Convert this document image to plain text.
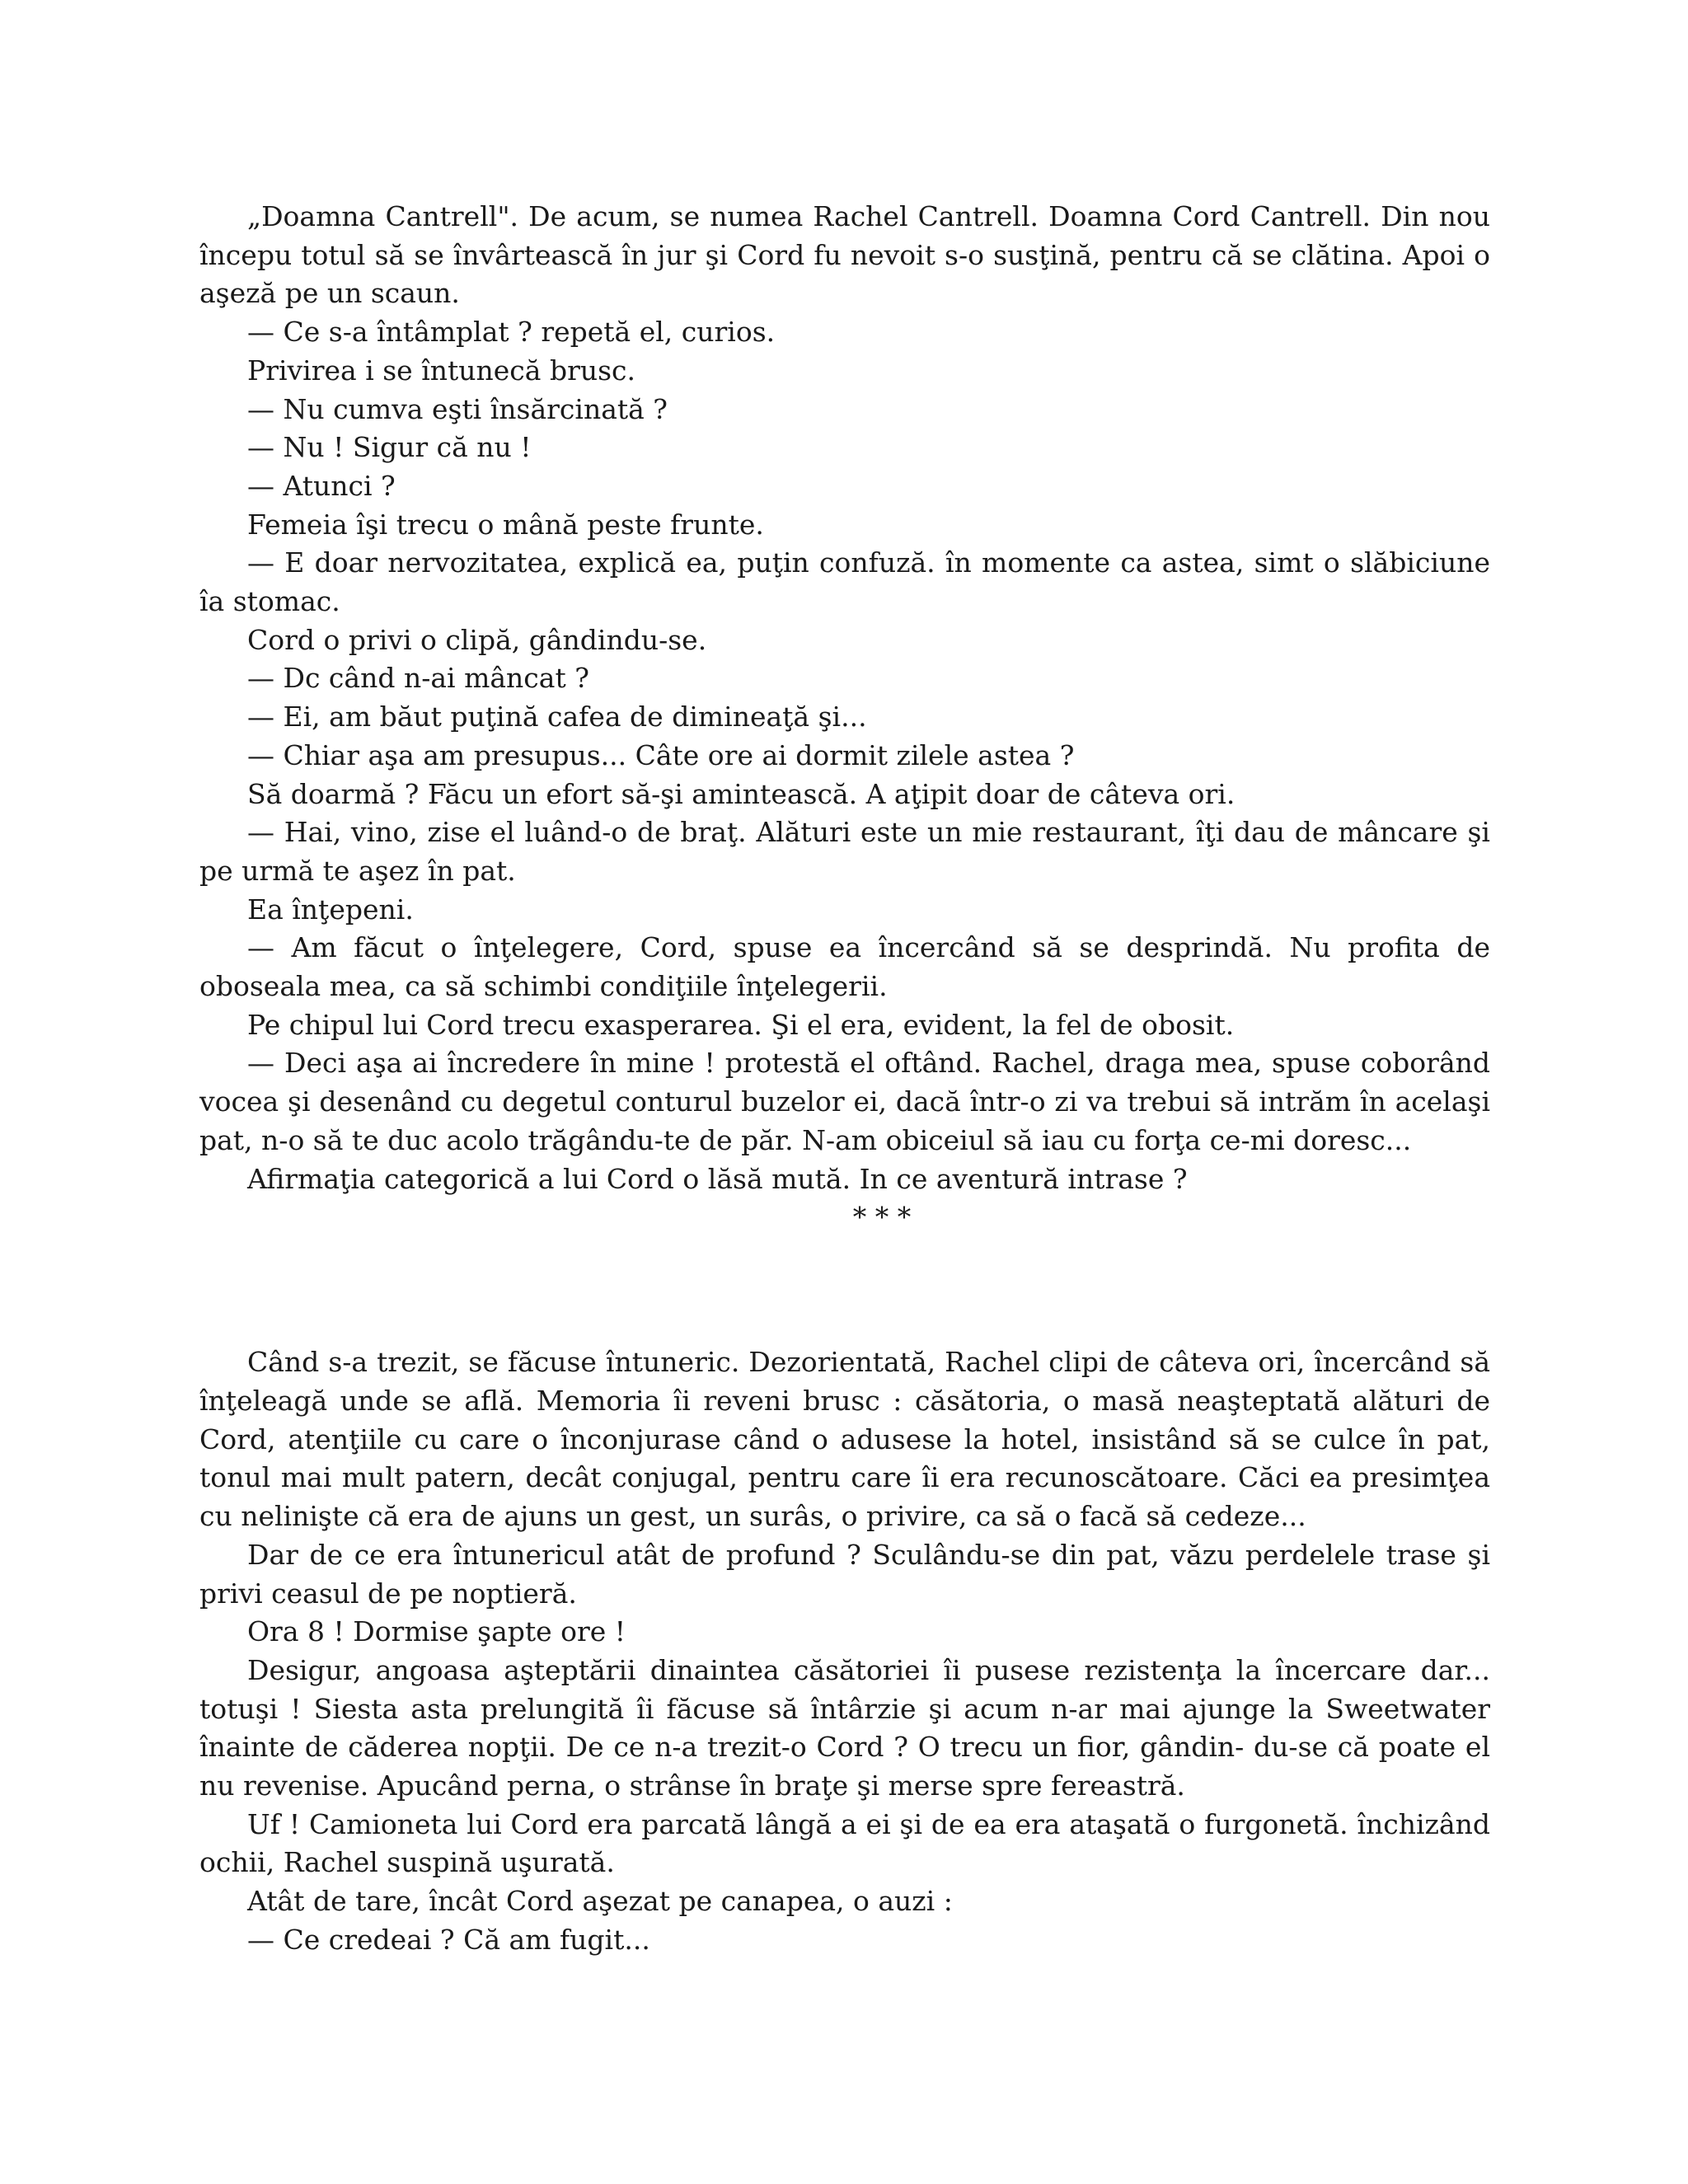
„Doamna Cantrell". De acum, se numea Rachel Cantrell. Doamna Cord Cantrell. Din nou începu totul să se învârtească în jur şi Cord fu nevoit s-o susţină, pentru că se clătina. Apoi o aşeză pe un scaun.

— Ce s-a întâmplat ? repetă el, curios.

Privirea i se întunecă brusc.

— Nu cumva eşti însărcinată ?

— Nu ! Sigur că nu !

— Atunci ?

Femeia îşi trecu o mână peste frunte.

— E doar nervozitatea, explică ea, puţin confuză. în momente ca astea, simt o slăbiciune îa stomac.

Cord o privi o clipă, gândindu-se.

— Dc când n-ai mâncat ?

— Ei, am băut puţină cafea de dimineaţă şi...

— Chiar aşa am presupus... Câte ore ai dormit zilele astea ?

Să doarmă ? Făcu un efort să-şi amintească. A aţipit doar de câteva ori.

— Hai, vino, zise el luând-o de braţ. Alături este un mie restaurant, îţi dau de mâncare şi pe urmă te aşez în pat.

Ea înţepeni.

— Am făcut o înţelegere, Cord, spuse ea încercând să se desprindă. Nu profita de oboseala mea, ca să schimbi condiţiile înţelegerii.

Pe chipul lui Cord trecu exasperarea. Şi el era, evident, la fel de obosit.

— Deci aşa ai încredere în mine ! protestă el oftând. Rachel, draga mea, spuse coborând vocea şi desenând cu degetul conturul buzelor ei, dacă într-o zi va trebui să intrăm în acelaşi pat, n-o să te duc acolo trăgându-te de păr. N-am obiceiul să iau cu forţa ce-mi doresc...

Afirmaţia categorică a lui Cord o lăsă mută. In ce aventură intrase ?

* * *

Când s-a trezit, se făcuse întuneric. Dezorientată, Rachel clipi de câteva ori, încercând să înţeleagă unde se află. Memoria îi reveni brusc : căsătoria, o masă neaşteptată alături de Cord, atenţiile cu care o înconjurase când o adusese la hotel, insistând să se culce în pat, tonul mai mult patern, decât conjugal, pentru care îi era recunoscătoare. Căci ea presimţea cu nelinişte că era de ajuns un gest, un surâs, o privire, ca să o facă să cedeze...

Dar de ce era întunericul atât de profund ? Sculându-se din pat, văzu perdelele trase şi privi ceasul de pe noptieră.

Ora 8 ! Dormise şapte ore !

Desigur, angoasa aşteptării dinaintea căsătoriei îi pusese rezistenţa la încercare dar... totuşi ! Siesta asta prelungită îi făcuse să întârzie şi acum n-ar mai ajunge la Sweetwater înainte de căderea nopţii. De ce n-a trezit-o Cord ? O trecu un fior, gândin- du-se că poate el nu revenise. Apucând perna, o strânse în braţe şi merse spre fereastră.

Uf ! Camioneta lui Cord era parcată lângă a ei şi de ea era ataşată o furgonetă. închizând ochii, Rachel suspină uşurată.

Atât de tare, încât Cord aşezat pe canapea, o auzi :

— Ce credeai ? Că am fugit...
